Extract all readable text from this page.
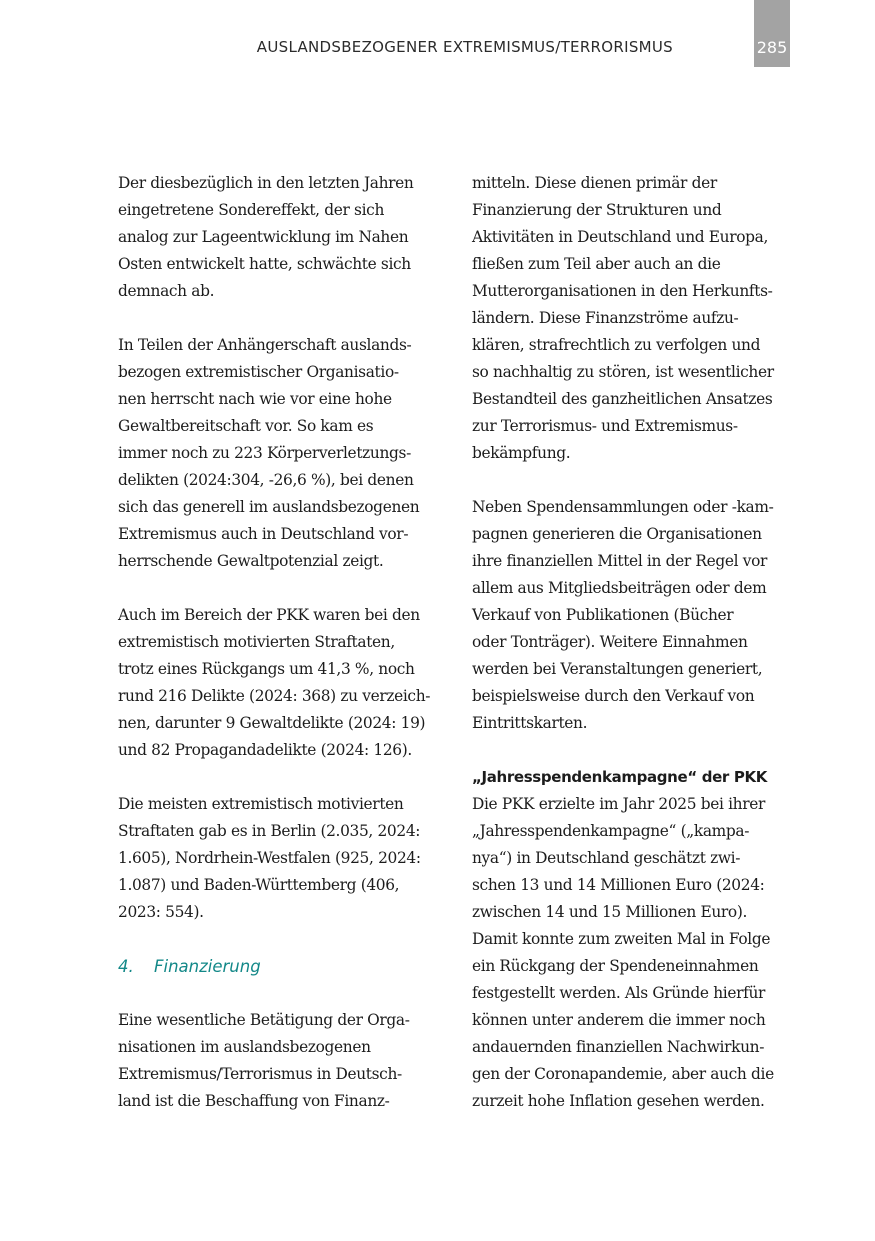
AUSLANDSBEZOGENER EXTREMISMUS/TERRORISMUS	285
Der diesbezüglich in den letzten Jahren
eingetretene Sondereffekt, der sich
analog zur Lageentwicklung im Nahen
Osten entwickelt hatte, schwächte sich
demnach ab.
In Teilen der Anhängerschaft auslands-
bezogen extremistischer Organisatio-
nen herrscht nach wie vor eine hohe
Gewaltbereitschaft vor. So kam es
immer noch zu 223 Körperverletzungs-
delikten (2024:304, -26,6 %), bei denen
sich das generell im auslandsbezogenen
Extremismus auch in Deutschland vor-
herrschende Gewaltpotenzial zeigt.
Auch im Bereich der PKK waren bei den
extremistisch motivierten Straftaten,
trotz eines Rückgangs um 41,3 %, noch
rund 216 Delikte (2024: 368) zu verzeich-
nen, darunter 9 Gewaltdelikte (2024: 19)
und 82 Propagandadelikte (2024: 126).
Die meisten extremistisch motivierten
Straftaten gab es in Berlin (2.035, 2024:
1.605), Nordrhein-Westfalen (925, 2024:
1.087) und Baden-Württemberg (406,
2023: 554).
4. Finanzierung
Eine wesentliche Betätigung der Orga-
nisationen im auslandsbezogenen
Extremismus/Terrorismus in Deutsch-
land ist die Beschaffung von Finanz-
mitteln. Diese dienen primär der
Finanzierung der Strukturen und
Aktivitäten in Deutschland und Europa,
fließen zum Teil aber auch an die
Mutterorganisationen in den Herkunfts-
ländern. Diese Finanzströme aufzu-
klären, strafrechtlich zu verfolgen und
so nachhaltig zu stören, ist wesentlicher
Bestandteil des ganzheitlichen Ansatzes
zur Terrorismus- und Extremismus-
bekämpfung.
Neben Spendensammlungen oder -kam-
pagnen generieren die Organisationen
ihre finanziellen Mittel in der Regel vor
allem aus Mitgliedsbeiträgen oder dem
Verkauf von Publikationen (Bücher
oder Tonträger). Weitere Einnahmen
werden bei Veranstaltungen generiert,
beispielsweise durch den Verkauf von
Eintrittskarten.
„Jahresspendenkampagne“ der PKK
Die PKK erzielte im Jahr 2025 bei ihrer
„Jahresspendenkampagne“ („kampa-
nya“) in Deutschland geschätzt zwi-
schen 13 und 14 Millionen Euro (2024:
zwischen 14 und 15 Millionen Euro).
Damit konnte zum zweiten Mal in Folge
ein Rückgang der Spendeneinnahmen
festgestellt werden. Als Gründe hierfür
können unter anderem die immer noch
andauernden finanziellen Nachwirkun-
gen der Coronapandemie, aber auch die
zurzeit hohe Inflation gesehen werden.
